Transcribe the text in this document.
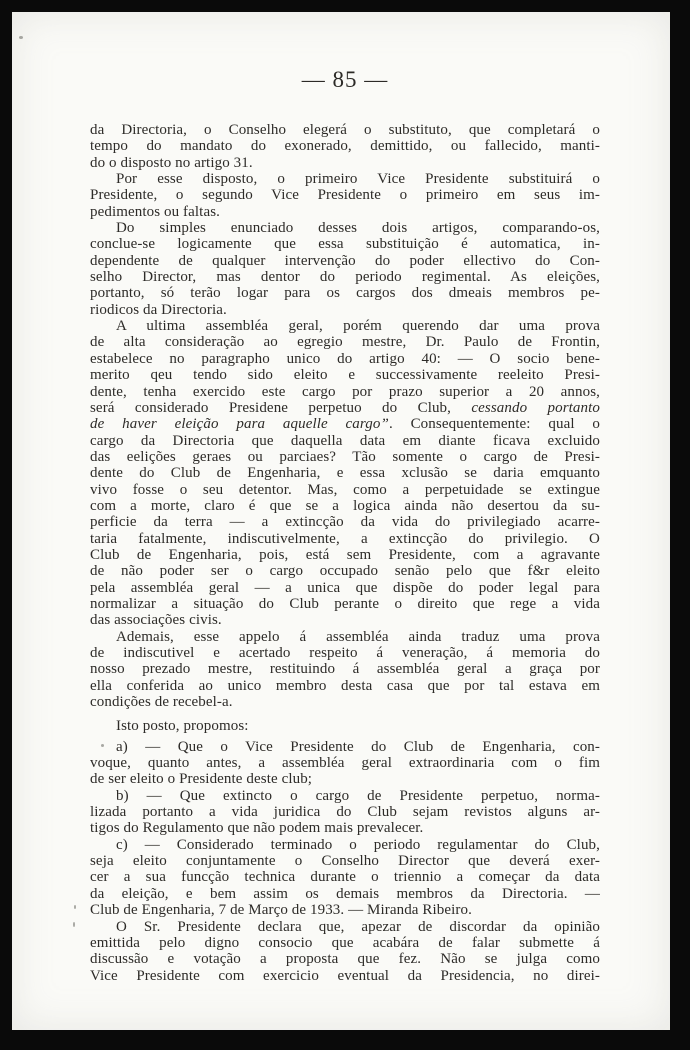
— 85 —
da Directoria, o Conselho elegerá o substituto, que completará o
tempo do mandato do exonerado, demittido, ou fallecido, manti-
do o disposto no artigo 31.
Por esse disposto, o primeiro Vice Presidente substituirá o
Presidente, o segundo Vice Presidente o primeiro em seus im-
pedimentos ou faltas.
Do simples enunciado desses dois artigos, comparando-os,
conclue-se logicamente que essa substituição é automatica, in-
dependente de qualquer intervenção do poder ellectivo do Con-
selho Director, mas dentor do periodo regimental. As eleições,
portanto, só terão logar para os cargos dos dmeais membros pe-
riodicos da Directoria.
A ultima assembléa geral, porém querendo dar uma prova
de alta consideração ao egregio mestre, Dr. Paulo de Frontin,
estabelece no paragrapho unico do artigo 40: — O socio bene-
merito qeu tendo sido eleito e successivamente reeleito Presi-
dente, tenha exercido este cargo por prazo superior a 20 annos,
será considerado Presidene perpetuo do Club, cessando portanto
de haver eleição para aquelle cargo”. Consequentemente: qual o
cargo da Directoria que daquella data em diante ficava excluido
das eelições geraes ou parciaes? Tão somente o cargo de Presi-
dente do Club de Engenharia, e essa xclusão se daria emquanto
vivo fosse o seu detentor. Mas, como a perpetuidade se extingue
com a morte, claro é que se a logica ainda não desertou da su-
perficie da terra — a extincção da vida do privilegiado acarre-
taria fatalmente, indiscutivelmente, a extincção do privilegio. O
Club de Engenharia, pois, está sem Presidente, com a agravante
de não poder ser o cargo occupado senão pelo que f&r eleito
pela assembléa geral — a unica que dispõe do poder legal para
normalizar a situação do Club perante o direito que rege a vida
das associações civis.
Ademais, esse appelo á assembléa ainda traduz uma prova
de indiscutivel e acertado respeito á veneração, á memoria do
nosso prezado mestre, restituindo á assembléa geral a graça por
ella conferida ao unico membro desta casa que por tal estava em
condições de recebel-a.
Isto posto, propomos:
a) — Que o Vice Presidente do Club de Engenharia, con-
voque, quanto antes, a assembléa geral extraordinaria com o fim
de ser eleito o Presidente deste club;
b) — Que extincto o cargo de Presidente perpetuo, norma-
lizada portanto a vida juridica do Club sejam revistos alguns ar-
tigos do Regulamento que não podem mais prevalecer.
c) — Considerado terminado o periodo regulamentar do Club,
seja eleito conjuntamente o Conselho Director que deverá exer-
cer a sua funcção technica durante o triennio a começar da data
da eleição, e bem assim os demais membros da Directoria. —
Club de Engenharia, 7 de Março de 1933. — Miranda Ribeiro.
O Sr. Presidente declara que, apezar de discordar da opinião
emittida pelo digno consocio que acabára de falar submette á
discussão e votação a proposta que fez. Não se julga como
Vice Presidente com exercicio eventual da Presidencia, no direi-
